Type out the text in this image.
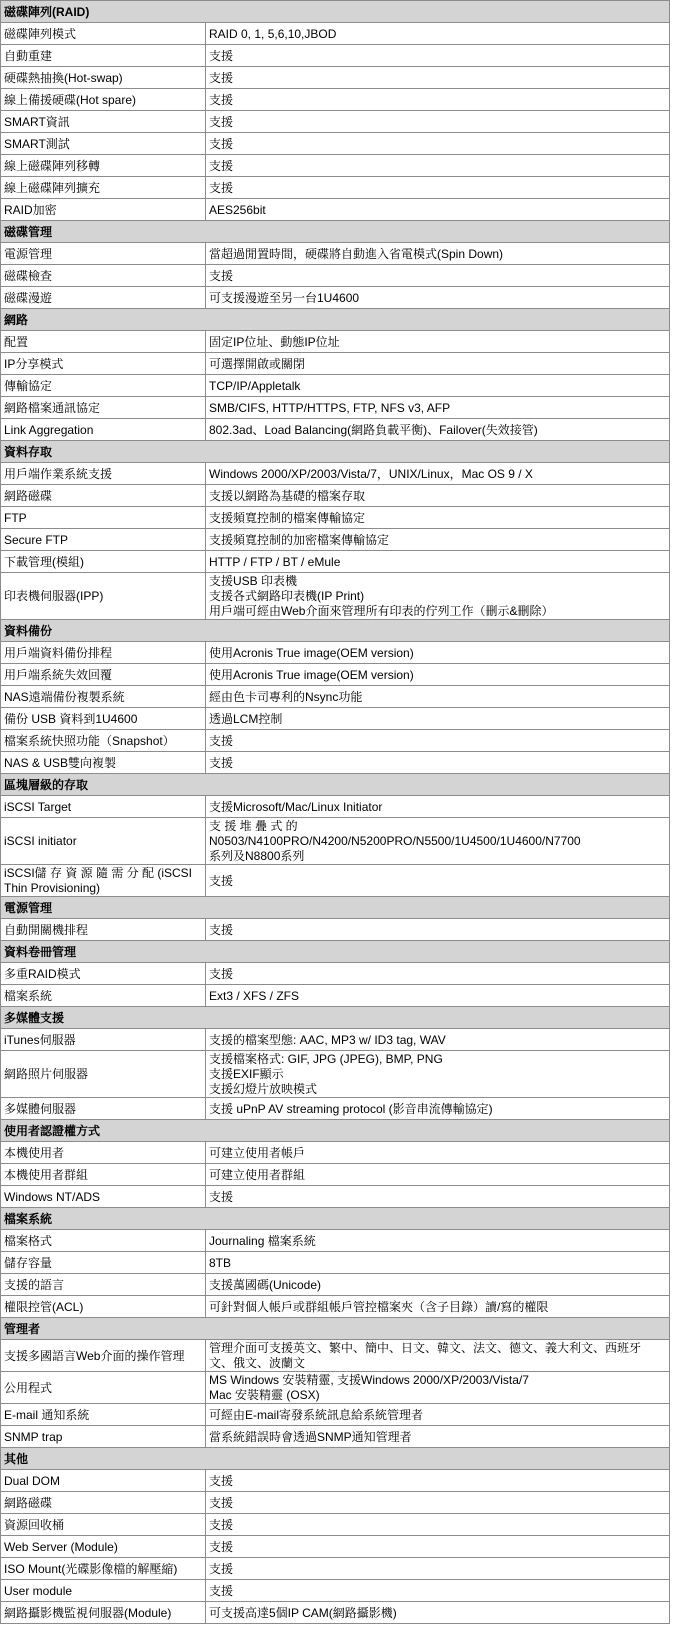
磁碟陣列(RAID)	
磁碟陣列模式	RAID 0, 1, 5,6,10,JBOD

自動重建	支援

硬碟熱抽換(Hot-swap)	支援

線上備援硬碟(Hot spare)	支援

SMART資訊	支援

SMART測試	支援

線上磁碟陣列移轉	支援

線上磁碟陣列擴充	支援

RAID加密	AES256bit

磁碟管理	
電源管理	當超過閒置時間，硬碟將自動進入省電模式(Spin Down)

磁碟檢查	支援

磁碟漫遊	可支援漫遊至另一台1U4600

網路	
配置	固定IP位址、動態IP位址

IP分享模式	可選擇開啟或關閉

傳輸協定	TCP/IP/Appletalk

網路檔案通訊協定	SMB/CIFS, HTTP/HTTPS, FTP, NFS v3, AFP

Link Aggregation	802.3ad、Load Balancing(網路負載平衡)、Failover(失效接管)

資料存取	
用戶端作業系統支援	Windows 2000/XP/2003/Vista/7，UNIX/Linux，Mac OS 9 / X

網路磁碟	支援以網路為基礎的檔案存取

FTP	支援頻寬控制的檔案傳輸協定

Secure FTP	支援頻寬控制的加密檔案傳輸協定

下載管理(模組)	HTTP / FTP / BT / eMule

印表機伺服器(IPP)	支援USB 印表機
支援各式網路印表機(IP Print)
用戶端可經由Web介面來管理所有印表的佇列工作（刪示&刪除）

資料備份	
用戶端資料備份排程	使用Acronis True image(OEM version)

用戶端系統失效回覆	使用Acronis True image(OEM version)

NAS遠端備份複製系統	經由色卡司專利的Nsync功能

備份 USB 資料到1U4600	透過LCM控制

檔案系統快照功能（Snapshot）	支援

NAS & USB雙向複製	支援

區塊層級的存取	
iSCSI Target	支援Microsoft/Mac/Linux Initiator

iSCSI initiator	支 援 堆 疊 式 的 N0503/N4100PRO/N4200/N5200PRO/N5500/1U4500/1U4600/N7700
系列及N8800系列

iSCSI儲 存 資 源 隨 需 分 配 (iSCSI Thin Provisioning)	支援

電源管理	
自動開關機排程	支援

資料卷冊管理	
多重RAID模式	支援

檔案系統	Ext3 / XFS / ZFS

多媒體支援	
iTunes伺服器	支援的檔案型態: AAC, MP3 w/ ID3 tag, WAV

網路照片伺服器	支援檔案格式: GIF, JPG (JPEG), BMP, PNG
支援EXIF顯示
支援幻燈片放映模式

多媒體伺服器	支援 uPnP AV streaming protocol (影音串流傳輸協定)

使用者認證權方式	
本機使用者	可建立使用者帳戶

本機使用者群組	可建立使用者群組

Windows NT/ADS	支援

檔案系統	
檔案格式	Journaling 檔案系統

儲存容量	8TB

支援的語言	支援萬國碼(Unicode)

權限控管(ACL)	可針對個人帳戶或群組帳戶管控檔案夾（含子目錄）讀/寫的權限

管理者	
支援多國語言Web介面的操作管理	管理介面可支援英文、繁中、簡中、日文、韓文、法文、德文、義大利文、西班牙
文、俄文、波蘭文

公用程式	MS Windows 安裝精靈, 支援Windows 2000/XP/2003/Vista/7
Mac 安裝精靈 (OSX)

E-mail 通知系統	可經由E-mail寄發系統訊息給系統管理者

SNMP trap	當系統錯誤時會透過SNMP通知管理者

其他	
Dual DOM	支援

網路磁碟	支援

資源回收桶	支援

Web Server (Module)	支援

ISO Mount(光碟影像檔的解壓縮)	支援

User module	支援

網路攝影機監視伺服器(Module)	可支援高達5個IP CAM(網路攝影機)
